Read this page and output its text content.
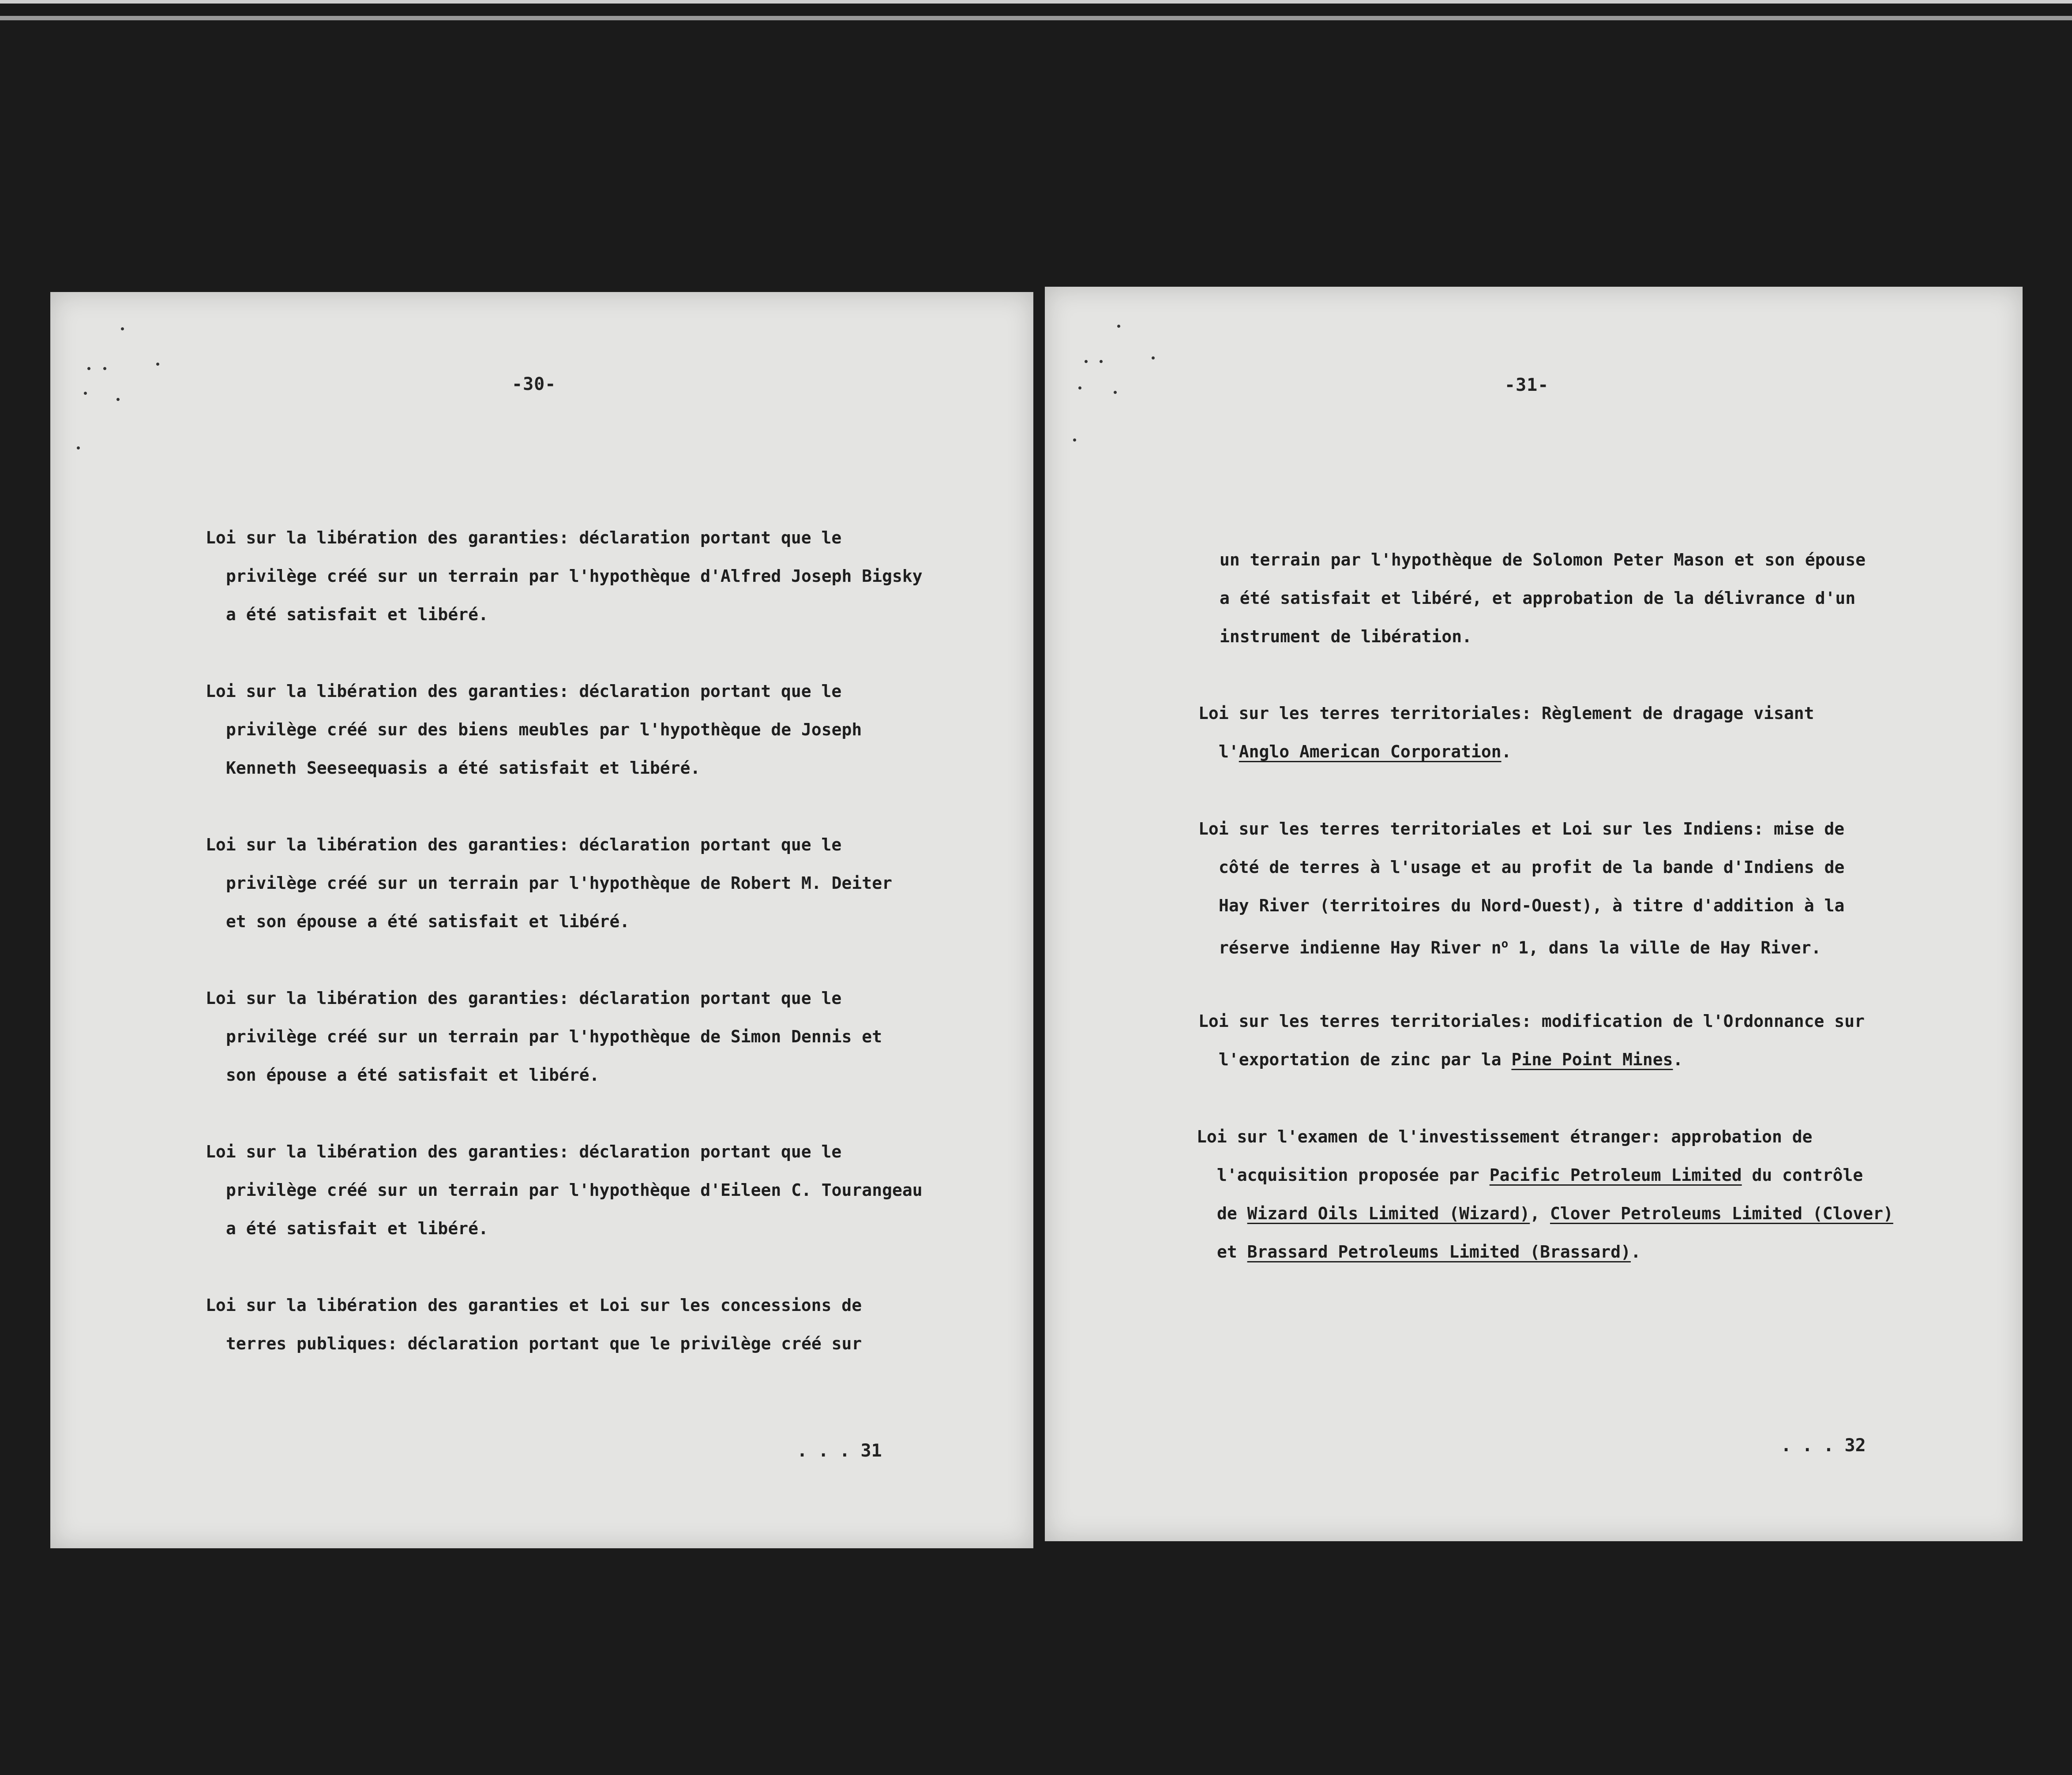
-30-
Loi sur la libération des garanties: déclaration portant que le
privilège créé sur un terrain par l'hypothèque d'Alfred Joseph Bigsky
a été satisfait et libéré.
Loi sur la libération des garanties: déclaration portant que le
privilège créé sur des biens meubles par l'hypothèque de Joseph
Kenneth Seeseequasis a été satisfait et libéré.
Loi sur la libération des garanties: déclaration portant que le
privilège créé sur un terrain par l'hypothèque de Robert M. Deiter
et son épouse a été satisfait et libéré.
Loi sur la libération des garanties: déclaration portant que le
privilège créé sur un terrain par l'hypothèque de Simon Dennis et
son épouse a été satisfait et libéré.
Loi sur la libération des garanties: déclaration portant que le
privilège créé sur un terrain par l'hypothèque d'Eileen C. Tourangeau
a été satisfait et libéré.
Loi sur la libération des garanties et Loi sur les concessions de
terres publiques: déclaration portant que le privilège créé sur
. . . 31
-31-
un terrain par l'hypothèque de Solomon Peter Mason et son épouse
a été satisfait et libéré, et approbation de la délivrance d'un
instrument de libération.
Loi sur les terres territoriales: Règlement de dragage visant
l'Anglo American Corporation.
Loi sur les terres territoriales et Loi sur les Indiens: mise de
côté de terres à l'usage et au profit de la bande d'Indiens de
Hay River (territoires du Nord-Ouest), à titre d'addition à la
réserve indienne Hay River $n^o$ 1, dans la ville de Hay River.
Loi sur les terres territoriales: modification de l'Ordonnance sur
l'exportation de zinc par la Pine Point Mines.
Loi sur l'examen de l'investissement étranger: approbation de
l'acquisition proposée par Pacific Petroleum Limited du contrôle
de Wizard Oils Limited (Wizard), Clover Petroleums Limited (Clover)
et Brassard Petroleums Limited (Brassard).
. . . 32
